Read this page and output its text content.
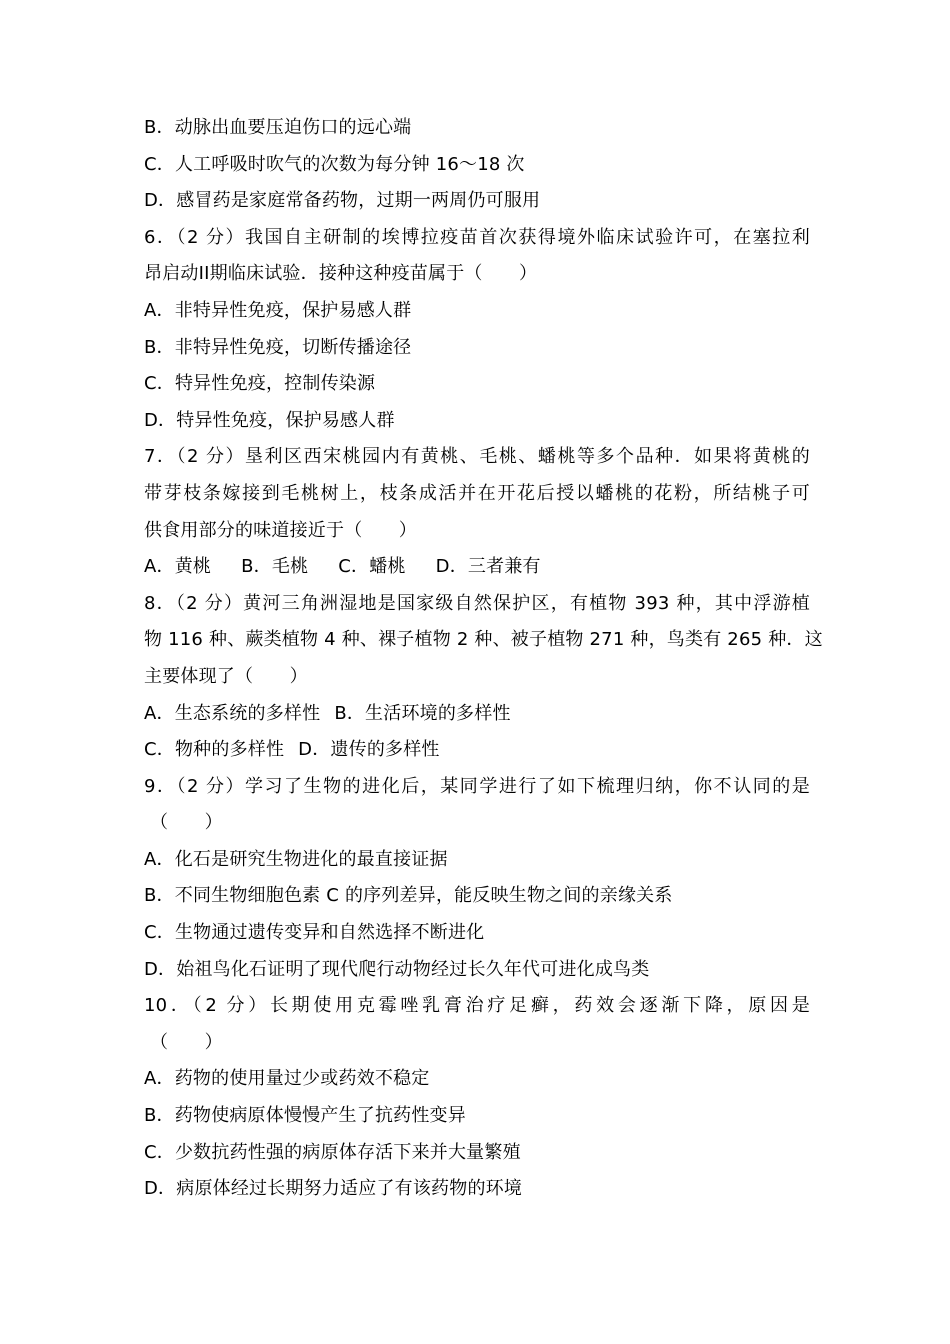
B．动脉出血要压迫伤口的远心端
C．人工呼吸时吹气的次数为每分钟 16～18 次
D．感冒药是家庭常备药物，过期一两周仍可服用
6．（2 分）我国自主研制的埃博拉疫苗首次获得境外临床试验许可，在塞拉利
昂启动II期临床试验．接种这种疫苗属于（　　）
A．非特异性免疫，保护易感人群
B．非特异性免疫，切断传播途径
C．特异性免疫，控制传染源
D．特异性免疫，保护易感人群
7．（2 分）垦利区西宋桃园内有黄桃、毛桃、蟠桃等多个品种．如果将黄桃的
带芽枝条嫁接到毛桃树上，枝条成活并在开花后授以蟠桃的花粉，所结桃子可
供食用部分的味道接近于（　　）
A．黄桃 B．毛桃 C．蟠桃 D．三者兼有
8．（2 分）黄河三角洲湿地是国家级自然保护区，有植物 393 种，其中浮游植
物 116 种、蕨类植物 4 种、裸子植物 2 种、被子植物 271 种，鸟类有 265 种．这
主要体现了（　　）
A．生态系统的多样性 B．生活环境的多样性
C．物种的多样性 D．遗传的多样性
9．（2 分）学习了生物的进化后，某同学进行了如下梳理归纳，你不认同的是
（　　）
A．化石是研究生物进化的最直接证据
B．不同生物细胞色素 C 的序列差异，能反映生物之间的亲缘关系
C．生物通过遗传变异和自然选择不断进化
D．始祖鸟化石证明了现代爬行动物经过长久年代可进化成鸟类
10．（2 分）长期使用克霉唑乳膏治疗足癣，药效会逐渐下降，原因是
（　　）
A．药物的使用量过少或药效不稳定
B．药物使病原体慢慢产生了抗药性变异
C．少数抗药性强的病原体存活下来并大量繁殖
D．病原体经过长期努力适应了有该药物的环境
